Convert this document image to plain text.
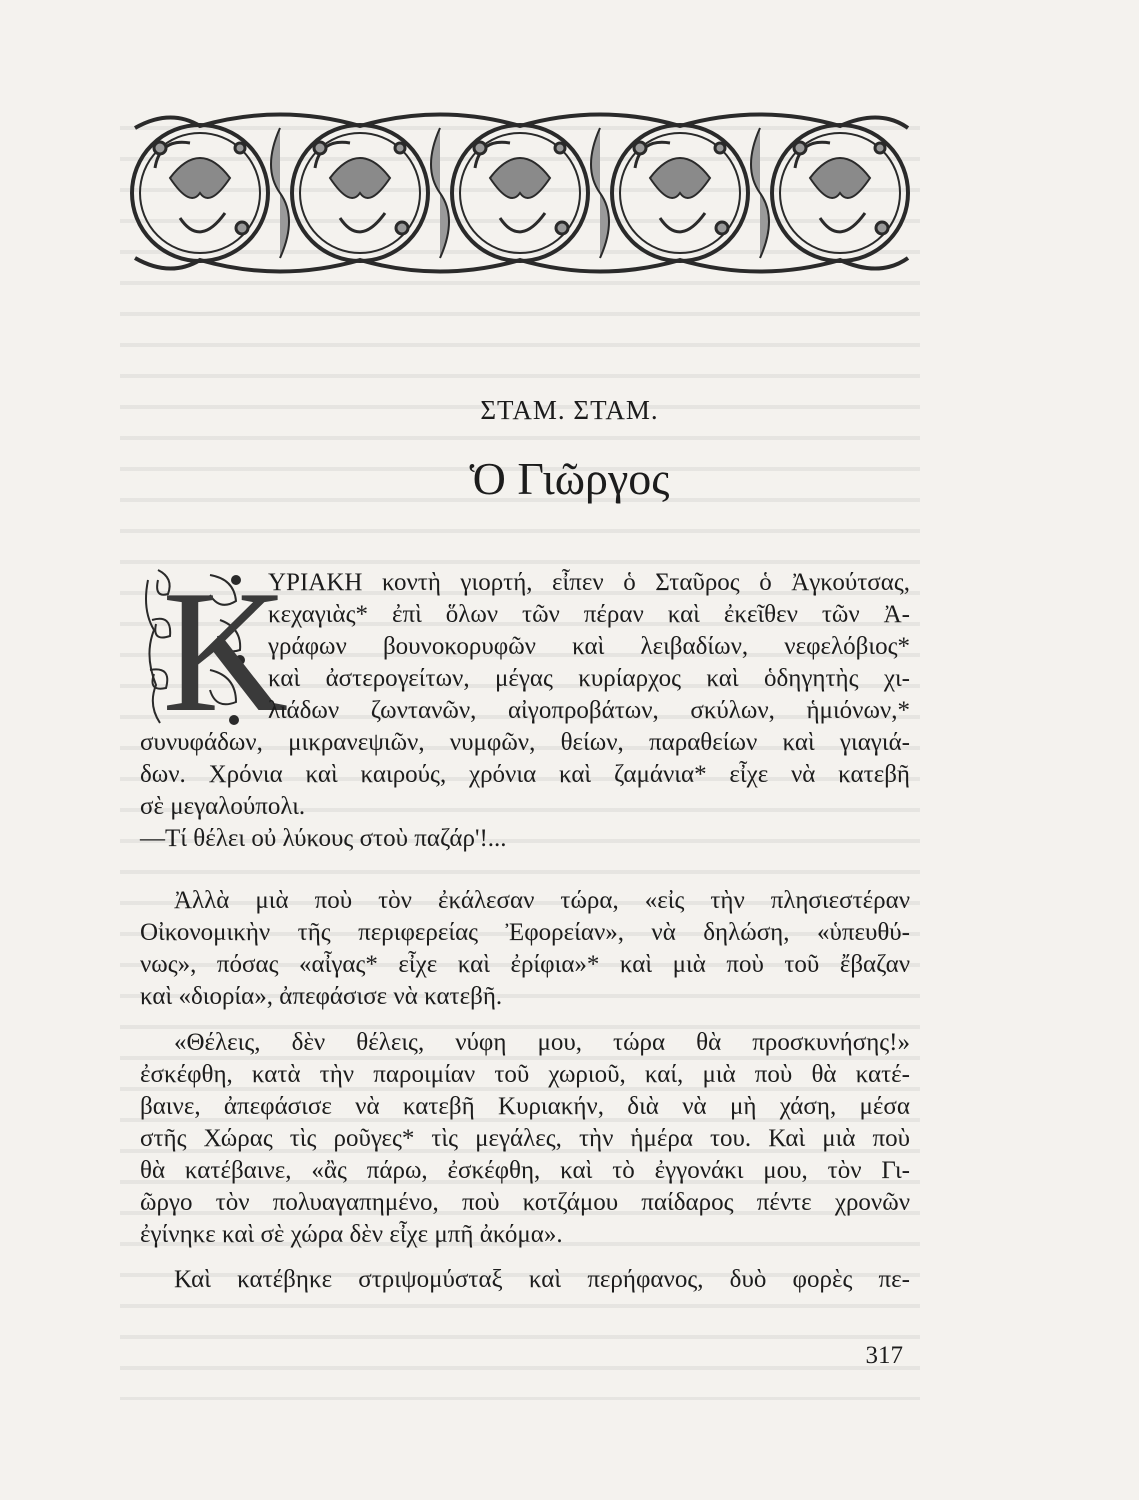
ΣΤΑΜ. ΣΤΑΜ.
Ὁ Γιῶργος
Κ
ΥΡΙΑΚΗ κοντὴ γιορτή, εἶπεν ὁ Σταῦρος ὁ Ἀγκούτσας,
κεχαγιὰς* ἐπὶ ὅλων τῶν πέραν καὶ ἐκεῖθεν τῶν Ἀ-
γράφων βουνοκορυφῶν καὶ λειβαδίων, νεφελόβιος*
καὶ ἀστερογείτων, μέγας κυρίαρχος καὶ ὁδηγητὴς χι-
λιάδων ζωντανῶν, αἰγοπροβάτων, σκύλων, ἡμιόνων,*
συνυφάδων, μικρανεψιῶν, νυμφῶν, θείων, παραθείων καὶ γιαγιά-
δων. Χρόνια καὶ καιρούς, χρόνια καὶ ζαμάνια* εἶχε νὰ κατεβῆ
σὲ μεγαλούπολι.
—Τί θέλει οὐ λύκους στοὺ παζάρ'!...
Ἀλλὰ μιὰ ποὺ τὸν ἐκάλεσαν τώρα, «εἰς τὴν πλησιεστέραν
Οἰκονομικὴν τῆς περιφερείας Ἐφορείαν», νὰ δηλώση, «ὑπευθύ-
νως», πόσας «αἶγας* εἶχε καὶ ἐρίφια»* καὶ μιὰ ποὺ τοῦ ἔβαζαν
καὶ «διορία», ἀπεφάσισε νὰ κατεβῆ.
«Θέλεις, δὲν θέλεις, νύφη μου, τώρα θὰ προσκυνήσης!»
ἐσκέφθη, κατὰ τὴν παροιμίαν τοῦ χωριοῦ, καί, μιὰ ποὺ θὰ κατέ-
βαινε, ἀπεφάσισε νὰ κατεβῆ Κυριακήν, διὰ νὰ μὴ χάση, μέσα
στῆς Χώρας τὶς ροῦγες* τὶς μεγάλες, τὴν ἡμέρα του. Καὶ μιὰ ποὺ
θὰ κατέβαινε, «ἂς πάρω, ἐσκέφθη, καὶ τὸ ἐγγονάκι μου, τὸν Γι-
ῶργο τὸν πολυαγαπημένο, ποὺ κοτζάμου παίδαρος πέντε χρονῶν
ἐγίνηκε καὶ σὲ χώρα δὲν εἶχε μπῆ ἀκόμα».
Καὶ κατέβηκε στριψομύσταξ καὶ περήφανος, δυὸ φορὲς πε-
317
